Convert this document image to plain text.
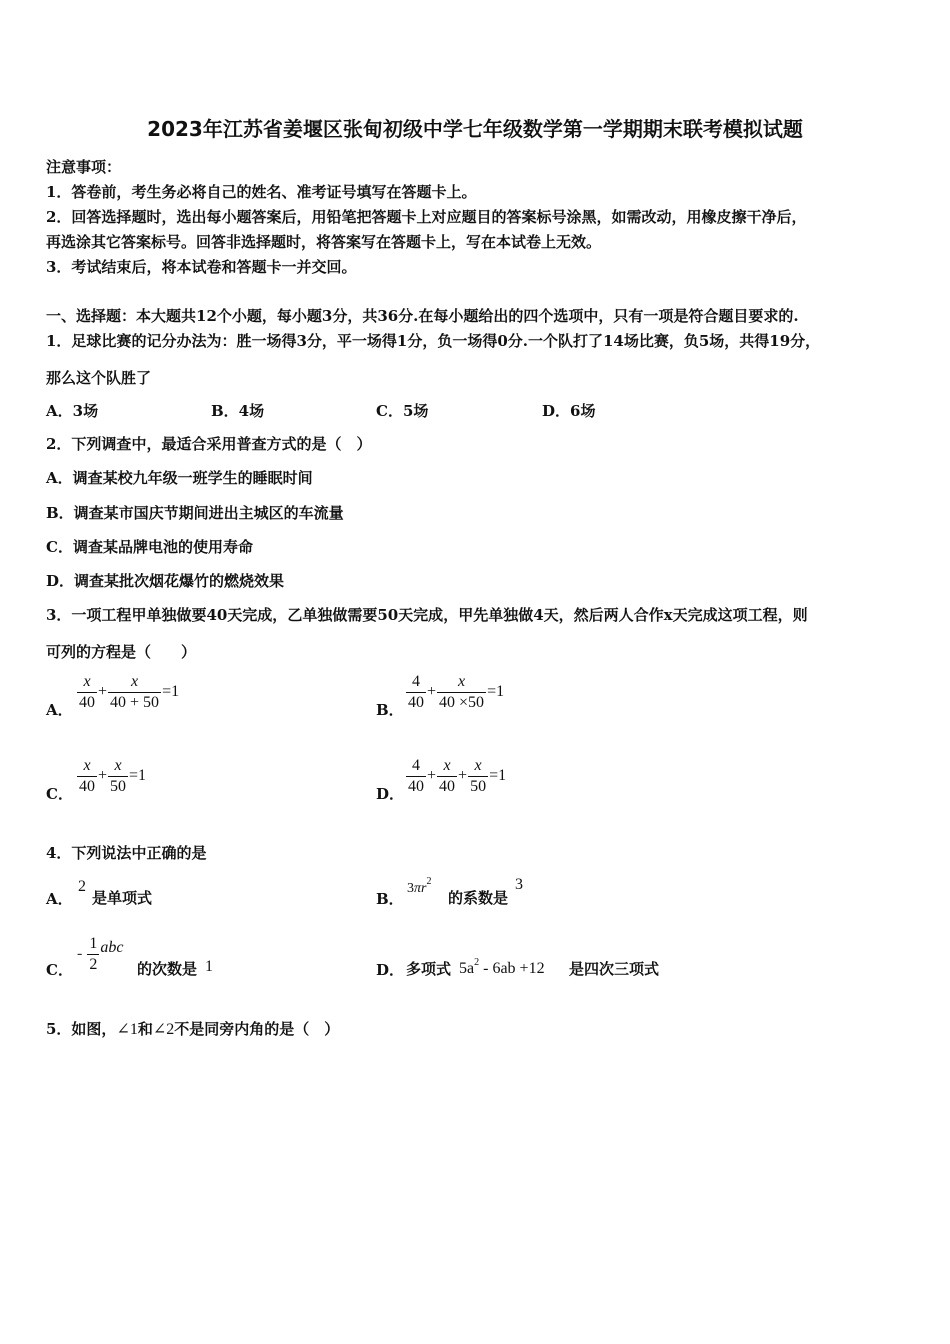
2023年江苏省姜堰区张甸初级中学七年级数学第一学期期末联考模拟试题
注意事项：
1．答卷前，考生务必将自己的姓名、准考证号填写在答题卡上。
2．回答选择题时，选出每小题答案后，用铅笔把答题卡上对应题目的答案标号涂黑，如需改动，用橡皮擦干净后，
再选涂其它答案标号。回答非选择题时，将答案写在答题卡上，写在本试卷上无效。
3．考试结束后，将本试卷和答题卡一并交回。
一、选择题：本大题共12个小题，每小题3分，共36分.在每小题给出的四个选项中，只有一项是符合题目要求的.
1．足球比赛的记分办法为：胜一场得3分，平一场得1分，负一场得0分.一个队打了14场比赛，负5场，共得19分，
那么这个队胜了
A．3场	B．4场	C．5场	D．6场
2．下列调查中，最适合采用普查方式的是（　）
A．调查某校九年级一班学生的睡眠时间
B．调查某市国庆节期间进出主城区的车流量
C．调查某品牌电池的使用寿命
D．调查某批次烟花爆竹的燃烧效果
3．一项工程甲单独做要40天完成，乙单独做需要50天完成，甲先单独做4天，然后两人合作x天完成这项工程，则
可列的方程是（　　）
A． $\frac{x}{40} + \frac{x}{40 + 50} =1$
B． $\frac{4}{40} + \frac{x}{40 \times 50} =1$
C． $\frac{x}{40} + \frac{x}{50} =1$
D． $\frac{4}{40} + \frac{x}{40} + \frac{x}{50} =1$
4．下列说法中正确的是
A．
2
是单项式	B．
$3\pi r^2$
的系数是
3
C．
- $\frac{1}{2}$ abc
的次数是 1	D． 多项式 $5a^2 - 6ab +12$ 是四次三项式
5．如图，∠1和∠2不是同旁内角的是（　）
